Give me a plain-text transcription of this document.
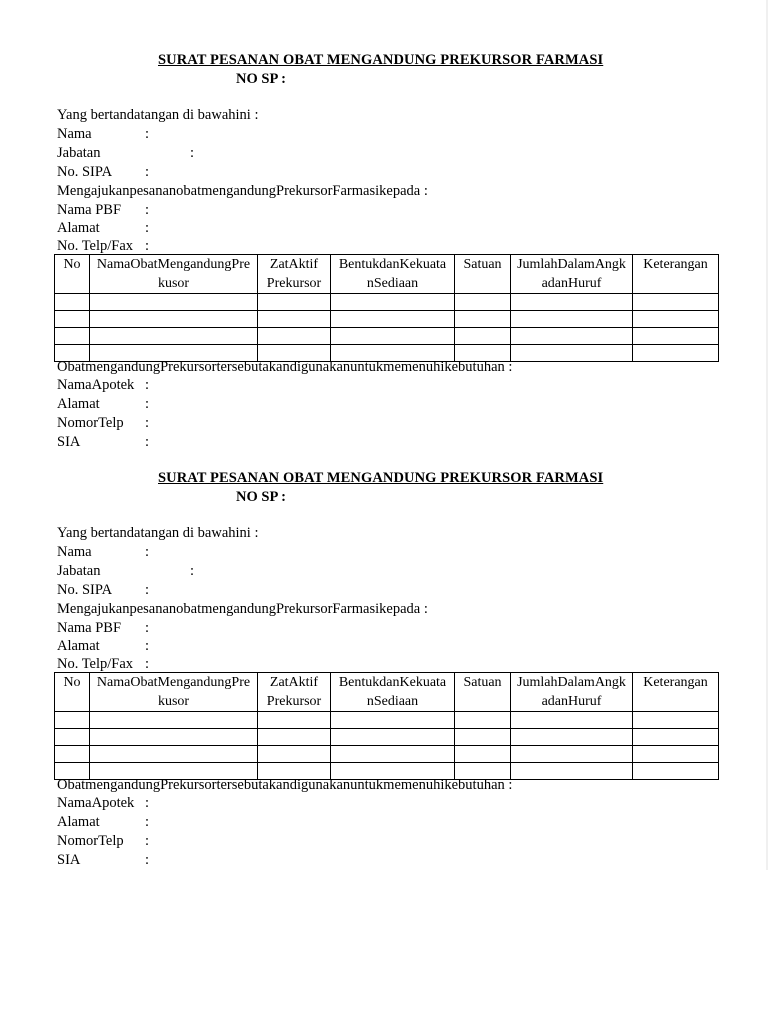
SURAT PESANAN OBAT MENGANDUNG PREKURSOR FARMASI
NO SP :
Yang bertandatangan di bawahini :
Nama	:
Jabatan	:
No. SIPA :
MengajukanpesananobatmengandungPrekursorFarmasikepada :
Nama PBF :
Alamat	:
No. Telp/Fax :
No	NamaObatMengandungPrekusor	ZatAktif Prekursor	BentukdanKekuatanSediaan	Satuan	JumlahDalamAngkadanHuruf	Keterangan

ObatmengandungPrekursortersebutakandigunakanuntukmemenuhikebutuhan :
NamaApotek :
Alamat	:
NomorTelp :
SIA	:
SURAT PESANAN OBAT MENGANDUNG PREKURSOR FARMASI
NO SP :
Yang bertandatangan di bawahini :
Nama	:
Jabatan	:
No. SIPA :
MengajukanpesananobatmengandungPrekursorFarmasikepada :
Nama PBF :
Alamat	:
No. Telp/Fax :
No	NamaObatMengandungPrekusor	ZatAktif Prekursor	BentukdanKekuatanSediaan	Satuan	JumlahDalamAngkadanHuruf	Keterangan

ObatmengandungPrekursortersebutakandigunakanuntukmemenuhikebutuhan :
NamaApotek :
Alamat	:
NomorTelp :
SIA	:
